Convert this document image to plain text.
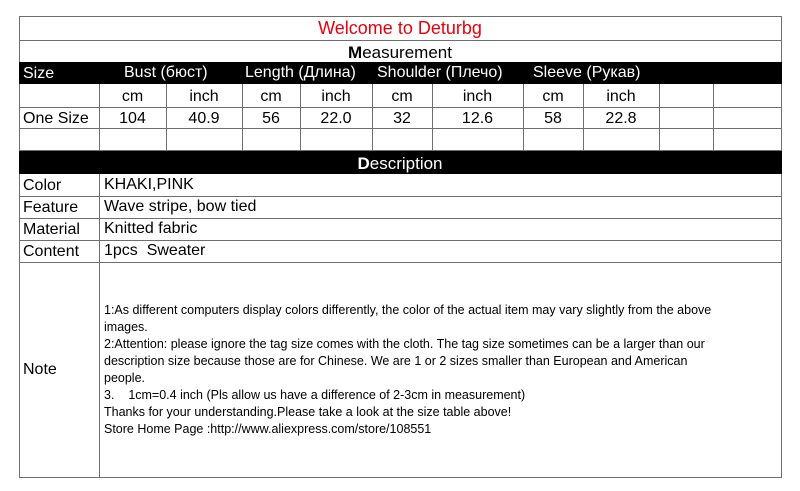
Welcome to Deturbg
Measurement
Size	Bust (бюст) Length (Длина) Shoulder (Плечо) Sleeve (Рукав)
cm	inch	cm	inch	cm	inch	cm	inch
One Size	104	40.9	56	22.0	32	12.6	58	22.8
Description
Color	KHAKI,PINK
Feature Wave stripe, bow tied
Material Knitted fabric
Content 1pcs  Sweater
Note
1:As different computers display colors differently, the color of the actual item may vary slightly from the above
images.
2:Attention: please ignore the tag size comes with the cloth. The tag size sometimes can be a larger than our
description size because those are for Chinese. We are 1 or 2 sizes smaller than European and American
people.
3.    1cm=0.4 inch (Pls allow us have a difference of 2-3cm in measurement)
Thanks for your understanding.Please take a look at the size table above!
Store Home Page :http://www.aliexpress.com/store/108551
